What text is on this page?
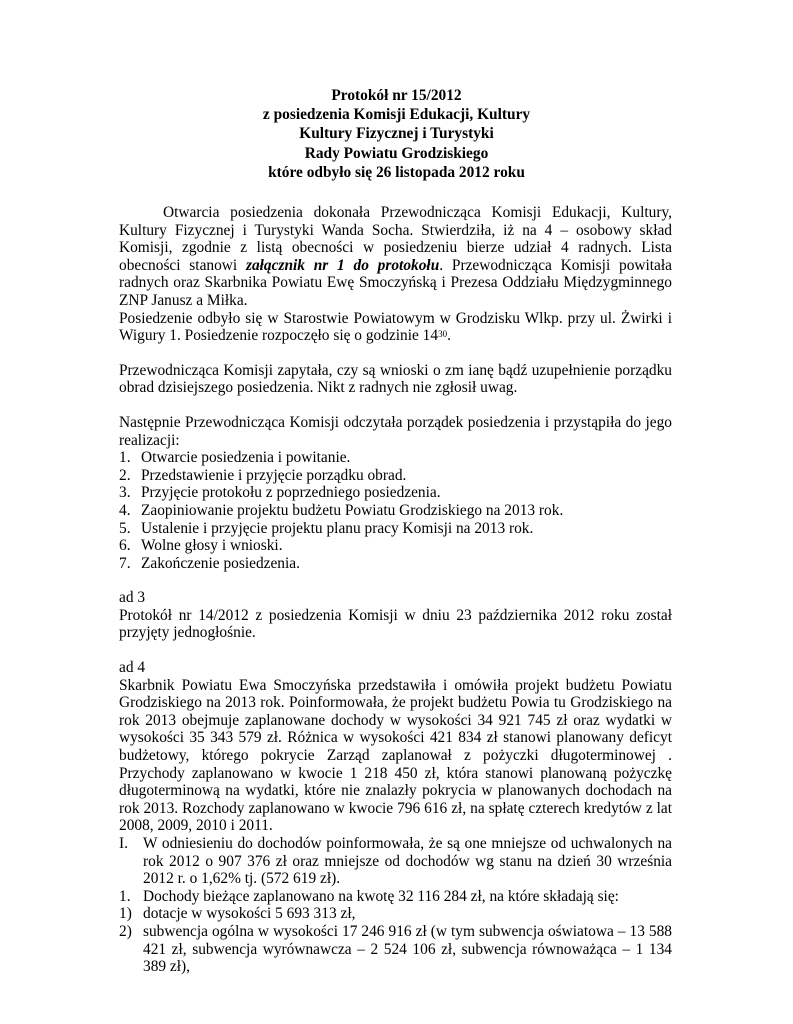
Protokół nr 15/2012
z posiedzenia Komisji Edukacji, Kultury
Kultury Fizycznej i Turystyki
Rady Powiatu Grodziskiego
które odbyło się 26 listopada 2012 roku

Otwarcia posiedzenia dokonała Przewodnicząca Komisji Edukacji, Kultury, Kultury Fizycznej i Turystyki Wanda Socha. Stwierdziła, iż na 4 – osobowy skład Komisji, zgodnie z listą obecności w posiedzeniu bierze udział 4 radnych. Lista obecności stanowi załącznik nr 1 do protokołu. Przewodnicząca Komisji powitała radnych oraz Skarbnika Powiatu Ewę Smoczyńską i Prezesa Oddziału Międzygminnego ZNP Janusz a Miłka.

Posiedzenie odbyło się w Starostwie Powiatowym w Grodzisku Wlkp. przy ul. Żwirki i Wigury 1. Posiedzenie rozpoczęło się o godzinie $14^{30}$.

Przewodnicząca Komisji zapytała, czy są wnioski o zm ianę bądź uzupełnienie porządku obrad dzisiejszego posiedzenia. Nikt z radnych nie zgłosił uwag.

Następnie Przewodnicząca Komisji odczytała porządek posiedzenia i przystąpiła do jego realizacji:

1. Otwarcie posiedzenia i powitanie.
2. Przedstawienie i przyjęcie porządku obrad.
3. Przyjęcie protokołu z poprzedniego posiedzenia.
4. Zaopiniowanie projektu budżetu Powiatu Grodziskiego na 2013 rok.
5. Ustalenie i przyjęcie projektu planu pracy Komisji na 2013 rok.
6. Wolne głosy i wnioski.
7. Zakończenie posiedzenia.

ad 3

Protokół nr 14/2012 z posiedzenia Komisji w dniu 23 października 2012 roku został przyjęty jednogłośnie.

ad 4

Skarbnik Powiatu Ewa Smoczyńska przedstawiła i omówiła projekt budżetu Powiatu Grodziskiego na 2013 rok. Poinformowała, że projekt budżetu Powia tu Grodziskiego na rok 2013 obejmuje zaplanowane dochody w wysokości 34 921 745 zł oraz wydatki w wysokości 35 343 579 zł. Różnica w wysokości 421 834 zł stanowi planowany deficyt budżetowy, którego pokrycie Zarząd zaplanował z pożyczki długoterminowej . Przychody zaplanowano w kwocie 1 218 450 zł, która stanowi planowaną pożyczkę długoterminową na wydatki, które nie znalazły pokrycia w planowanych dochodach na rok 2013. Rozchody zaplanowano w kwocie 796 616 zł, na spłatę czterech kredytów z lat 2008, 2009, 2010 i 2011.

I. W odniesieniu do dochodów poinformowała, że są one mniejsze od uchwalonych na rok 2012 o 907 376 zł oraz mniejsze od dochodów wg stanu na dzień 30 września 2012 r. o 1,62% tj. (572 619 zł).
1. Dochody bieżące zaplanowano na kwotę 32 116 284 zł, na które składają się:
1) dotacje w wysokości 5 693 313 zł,
2) subwencja ogólna w wysokości 17 246 916 zł (w tym subwencja oświatowa – 13 588 421 zł, subwencja wyrównawcza – 2 524 106 zł, subwencja równoważąca – 1 134 389 zł),
